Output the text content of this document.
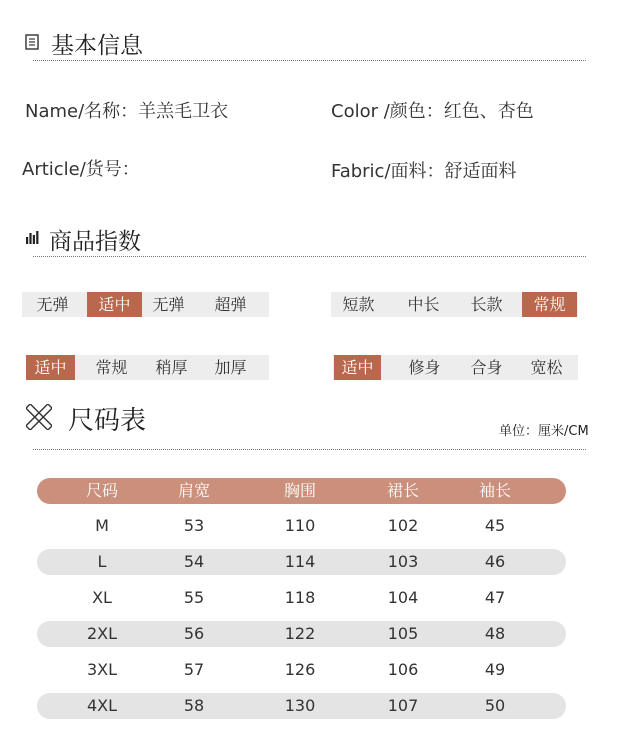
基本信息
Name/名称：羊羔毛卫衣	Color /颜色：红色、杏色
Article/货号：	Fabric/面料：舒适面料
商品指数
无弹	适中	无弹	超弹	短款	中长	长款	常规
适中	常规	稍厚	加厚	适中	修身	合身	宽松
尺码表	单位：厘米/CM
尺码	肩宽	胸围	裙长	袖长
M	53	110	102	45
L	54	114	103	46
XL	55	118	104	47
2XL	56	122	105	48
3XL	57	126	106	49
4XL	58	130	107	50
